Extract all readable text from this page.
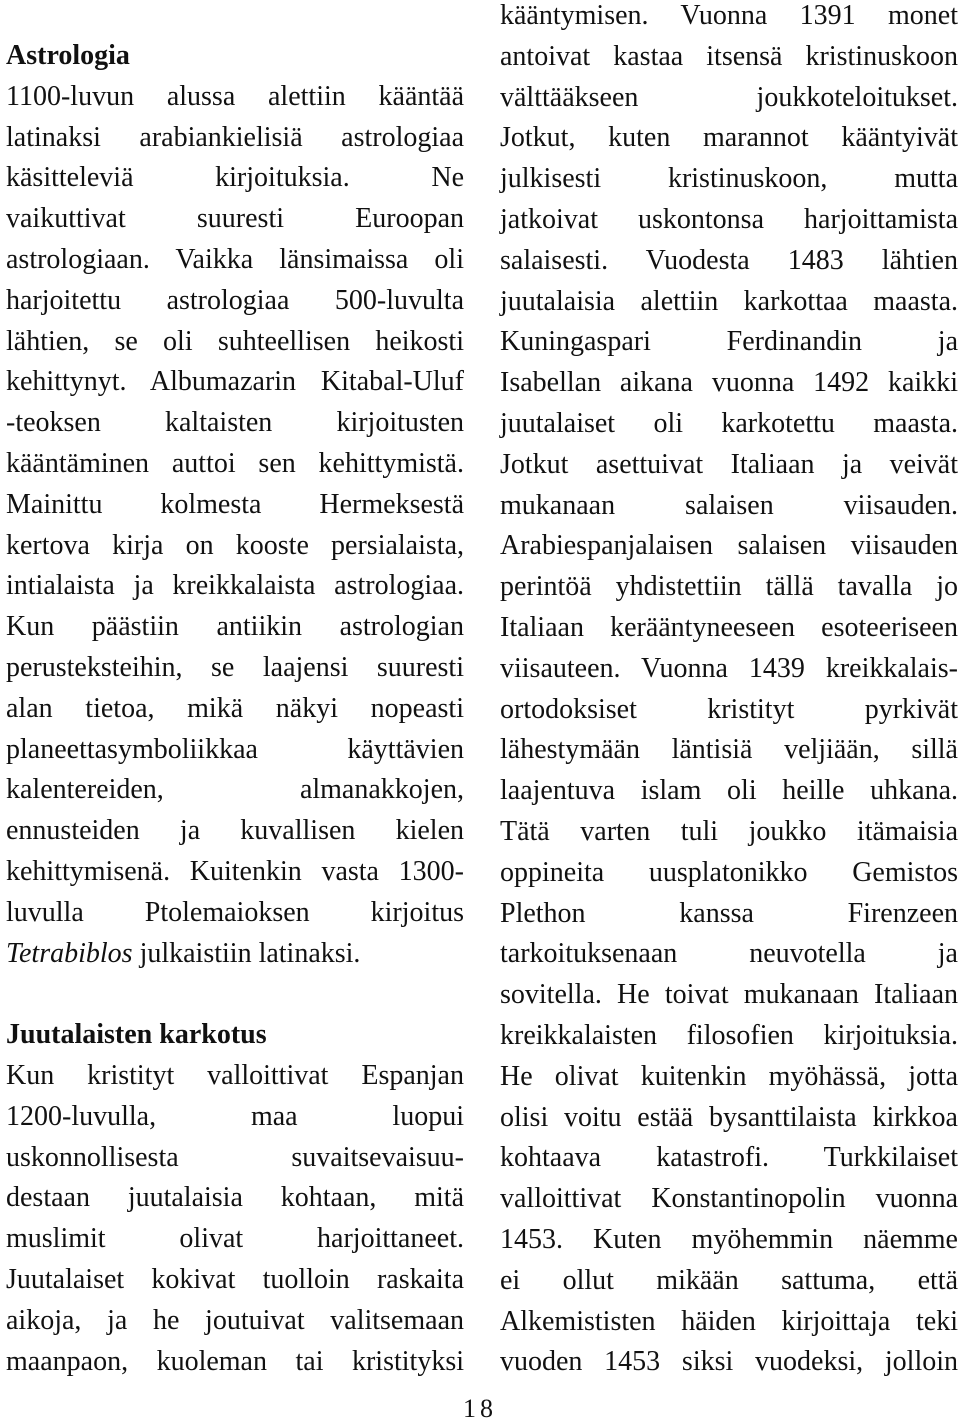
Astrologia
1100-luvun alussa alettiin kääntää
latinaksi arabiankielisiä astrologiaa
käsitteleviä kirjoituksia. Ne
vaikuttivat suuresti Euroopan
astrologiaan. Vaikka länsimaissa oli
harjoitettu astrologiaa 500-luvulta
lähtien, se oli suhteellisen heikosti
kehittynyt. Albumazarin Kitabal-Uluf
-teoksen kaltaisten kirjoitusten
kääntäminen auttoi sen kehittymistä.
Mainittu kolmesta Hermeksestä
kertova kirja on kooste persialaista,
intialaista ja kreikkalaista astrologiaa.
Kun päästiin antiikin astrologian
perusteksteihin, se laajensi suuresti
alan tietoa, mikä näkyi nopeasti
planeettasymboliikkaa käyttävien
kalentereiden, almanakkojen,
ennusteiden ja kuvallisen kielen
kehittymisenä. Kuitenkin vasta 1300-
luvulla Ptolemaioksen kirjoitus
Tetrabiblos julkaistiin latinaksi.
Juutalaisten karkotus
Kun kristityt valloittivat Espanjan
1200-luvulla, maa luopui
uskonnollisesta suvaitsevaisuu-
destaan juutalaisia kohtaan, mitä
muslimit olivat harjoittaneet.
Juutalaiset kokivat tuolloin raskaita
aikoja, ja he joutuivat valitsemaan
maanpaon, kuoleman tai kristityksi
kääntymisen. Vuonna 1391 monet
antoivat kastaa itsensä kristinuskoon
välttääkseen joukkoteloitukset.
Jotkut, kuten marannot kääntyivät
julkisesti kristinuskoon, mutta
jatkoivat uskontonsa harjoittamista
salaisesti. Vuodesta 1483 lähtien
juutalaisia alettiin karkottaa maasta.
Kuningaspari Ferdinandin ja
Isabellan aikana vuonna 1492 kaikki
juutalaiset oli karkotettu maasta.
Jotkut asettuivat Italiaan ja veivät
mukanaan salaisen viisauden.
Arabiespanjalaisen salaisen viisauden
perintöä yhdistettiin tällä tavalla jo
Italiaan kerääntyneeseen esoteeriseen
viisauteen. Vuonna 1439 kreikkalais-
ortodoksiset kristityt pyrkivät
lähestymään läntisiä veljiään, sillä
laajentuva islam oli heille uhkana.
Tätä varten tuli joukko itämaisia
oppineita uusplatonikko Gemistos
Plethon kanssa Firenzeen
tarkoituksenaan neuvotella ja
sovitella. He toivat mukanaan Italiaan
kreikkalaisten filosofien kirjoituksia.
He olivat kuitenkin myöhässä, jotta
olisi voitu estää bysanttilaista kirkkoa
kohtaava katastrofi. Turkkilaiset
valloittivat Konstantinopolin vuonna
1453. Kuten myöhemmin näemme
ei ollut mikään sattuma, että
Alkemististen häiden kirjoittaja teki
vuoden 1453 siksi vuodeksi, jolloin
18
